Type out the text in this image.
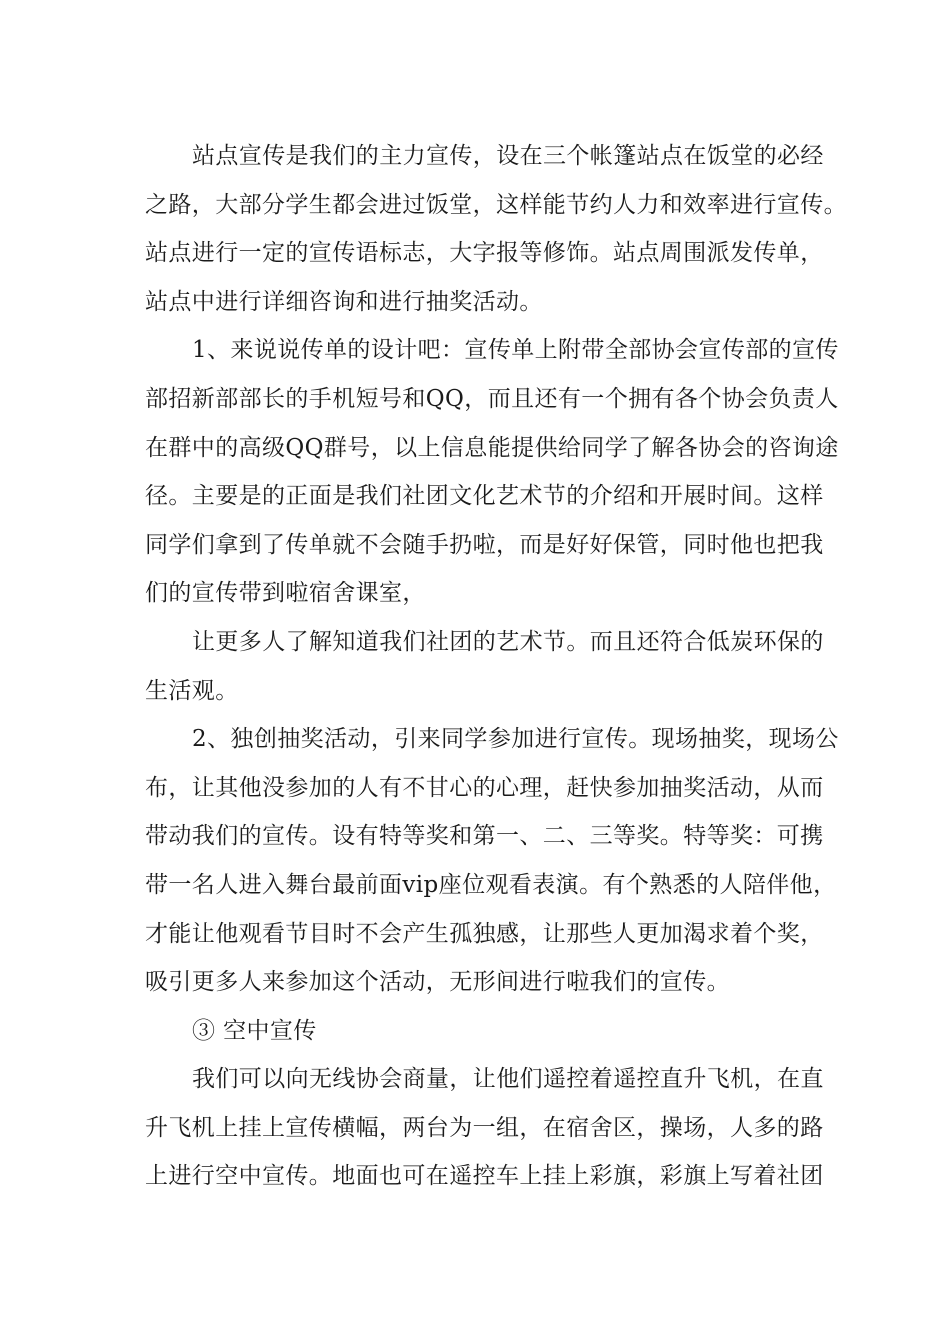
站点宣传是我们的主力宣传，设在三个帐篷站点在饭堂的必经
之路，大部分学生都会进过饭堂，这样能节约人力和效率进行宣传。
站点进行一定的宣传语标志，大字报等修饰。站点周围派发传单，
站点中进行详细咨询和进行抽奖活动。

1、来说说传单的设计吧：宣传单上附带全部协会宣传部的宣传
部招新部部长的手机短号和QQ，而且还有一个拥有各个协会负责人
在群中的高级QQ群号，以上信息能提供给同学了解各协会的咨询途
径。主要是的正面是我们社团文化艺术节的介绍和开展时间。这样
同学们拿到了传单就不会随手扔啦，而是好好保管，同时他也把我
们的宣传带到啦宿舍课室，

让更多人了解知道我们社团的艺术节。而且还符合低炭环保的
生活观。

2、独创抽奖活动，引来同学参加进行宣传。现场抽奖，现场公
布，让其他没参加的人有不甘心的心理，赶快参加抽奖活动，从而
带动我们的宣传。设有特等奖和第一、二、三等奖。特等奖：可携
带一名人进入舞台最前面vip座位观看表演。有个熟悉的人陪伴他，
才能让他观看节目时不会产生孤独感，让那些人更加渴求着个奖，
吸引更多人来参加这个活动，无形间进行啦我们的宣传。

③ 空中宣传

我们可以向无线协会商量，让他们遥控着遥控直升飞机，在直
升飞机上挂上宣传横幅，两台为一组，在宿舍区，操场，人多的路
上进行空中宣传。地面也可在遥控车上挂上彩旗，彩旗上写着社团
